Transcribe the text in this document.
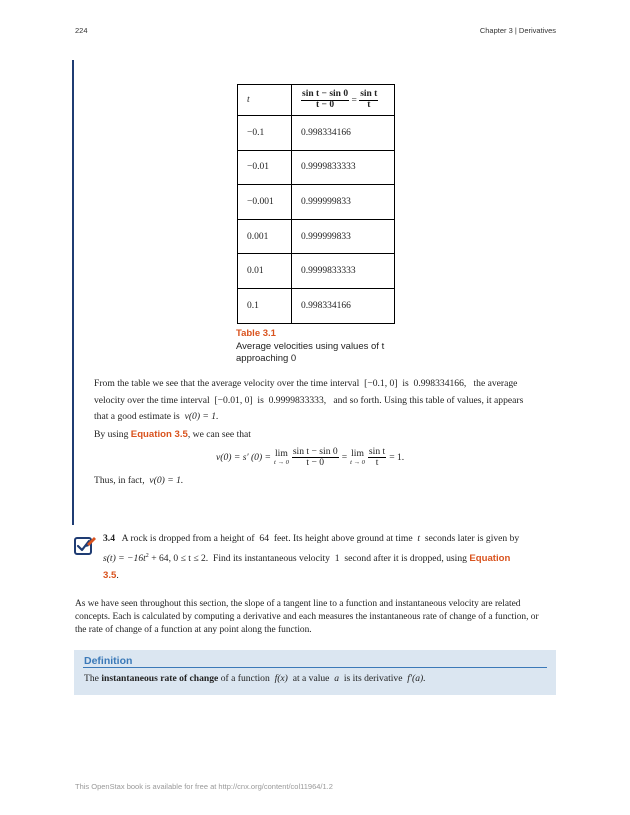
224	Chapter 3 | Derivatives
t	$\frac{\text{sin t − sin 0}}{t - 0} = \frac{\text{sin t}}{t}$

−0.1	0.998334166
−0.01	0.9999833333
−0.001	0.999999833
0.001	0.999999833
0.01	0.9999833333
0.1	0.998334166
Table 3.1
Average velocities using values of t approaching 0
From the table we see that the average velocity over the time interval [−0.1, 0] is 0.998334166, the average
velocity over the time interval [−0.01, 0] is 0.9999833333, and so forth. Using this table of values, it appears
that a good estimate is v(0) = 1.
By using Equation 3.5, we can see that
v(0) = s′ (0) = lim
$t \to 0 \frac{\text{sin t − sin 0}}{t - 0} = \lim$
$t \to 0 \frac{\text{sin t}}{t} = 1$.
Thus, in fact, v(0) = 1.
3.4 A rock is dropped from a height of 64 feet. Its height above ground at time t seconds later is given by
$s(t) = -16t^2 + 64$, 0 ≤ t ≤ 2. Find its instantaneous velocity 1 second after it is dropped, using Equation
3.5.
As we have seen throughout this section, the slope of a tangent line to a function and instantaneous velocity are related
concepts. Each is calculated by computing a derivative and each measures the instantaneous rate of change of a function, or
the rate of change of a function at any point along the function.
Definition
The instantaneous rate of change of a function f(x) at a value a is its derivative f′(a).
This OpenStax book is available for free at http://cnx.org/content/col11964/1.2
